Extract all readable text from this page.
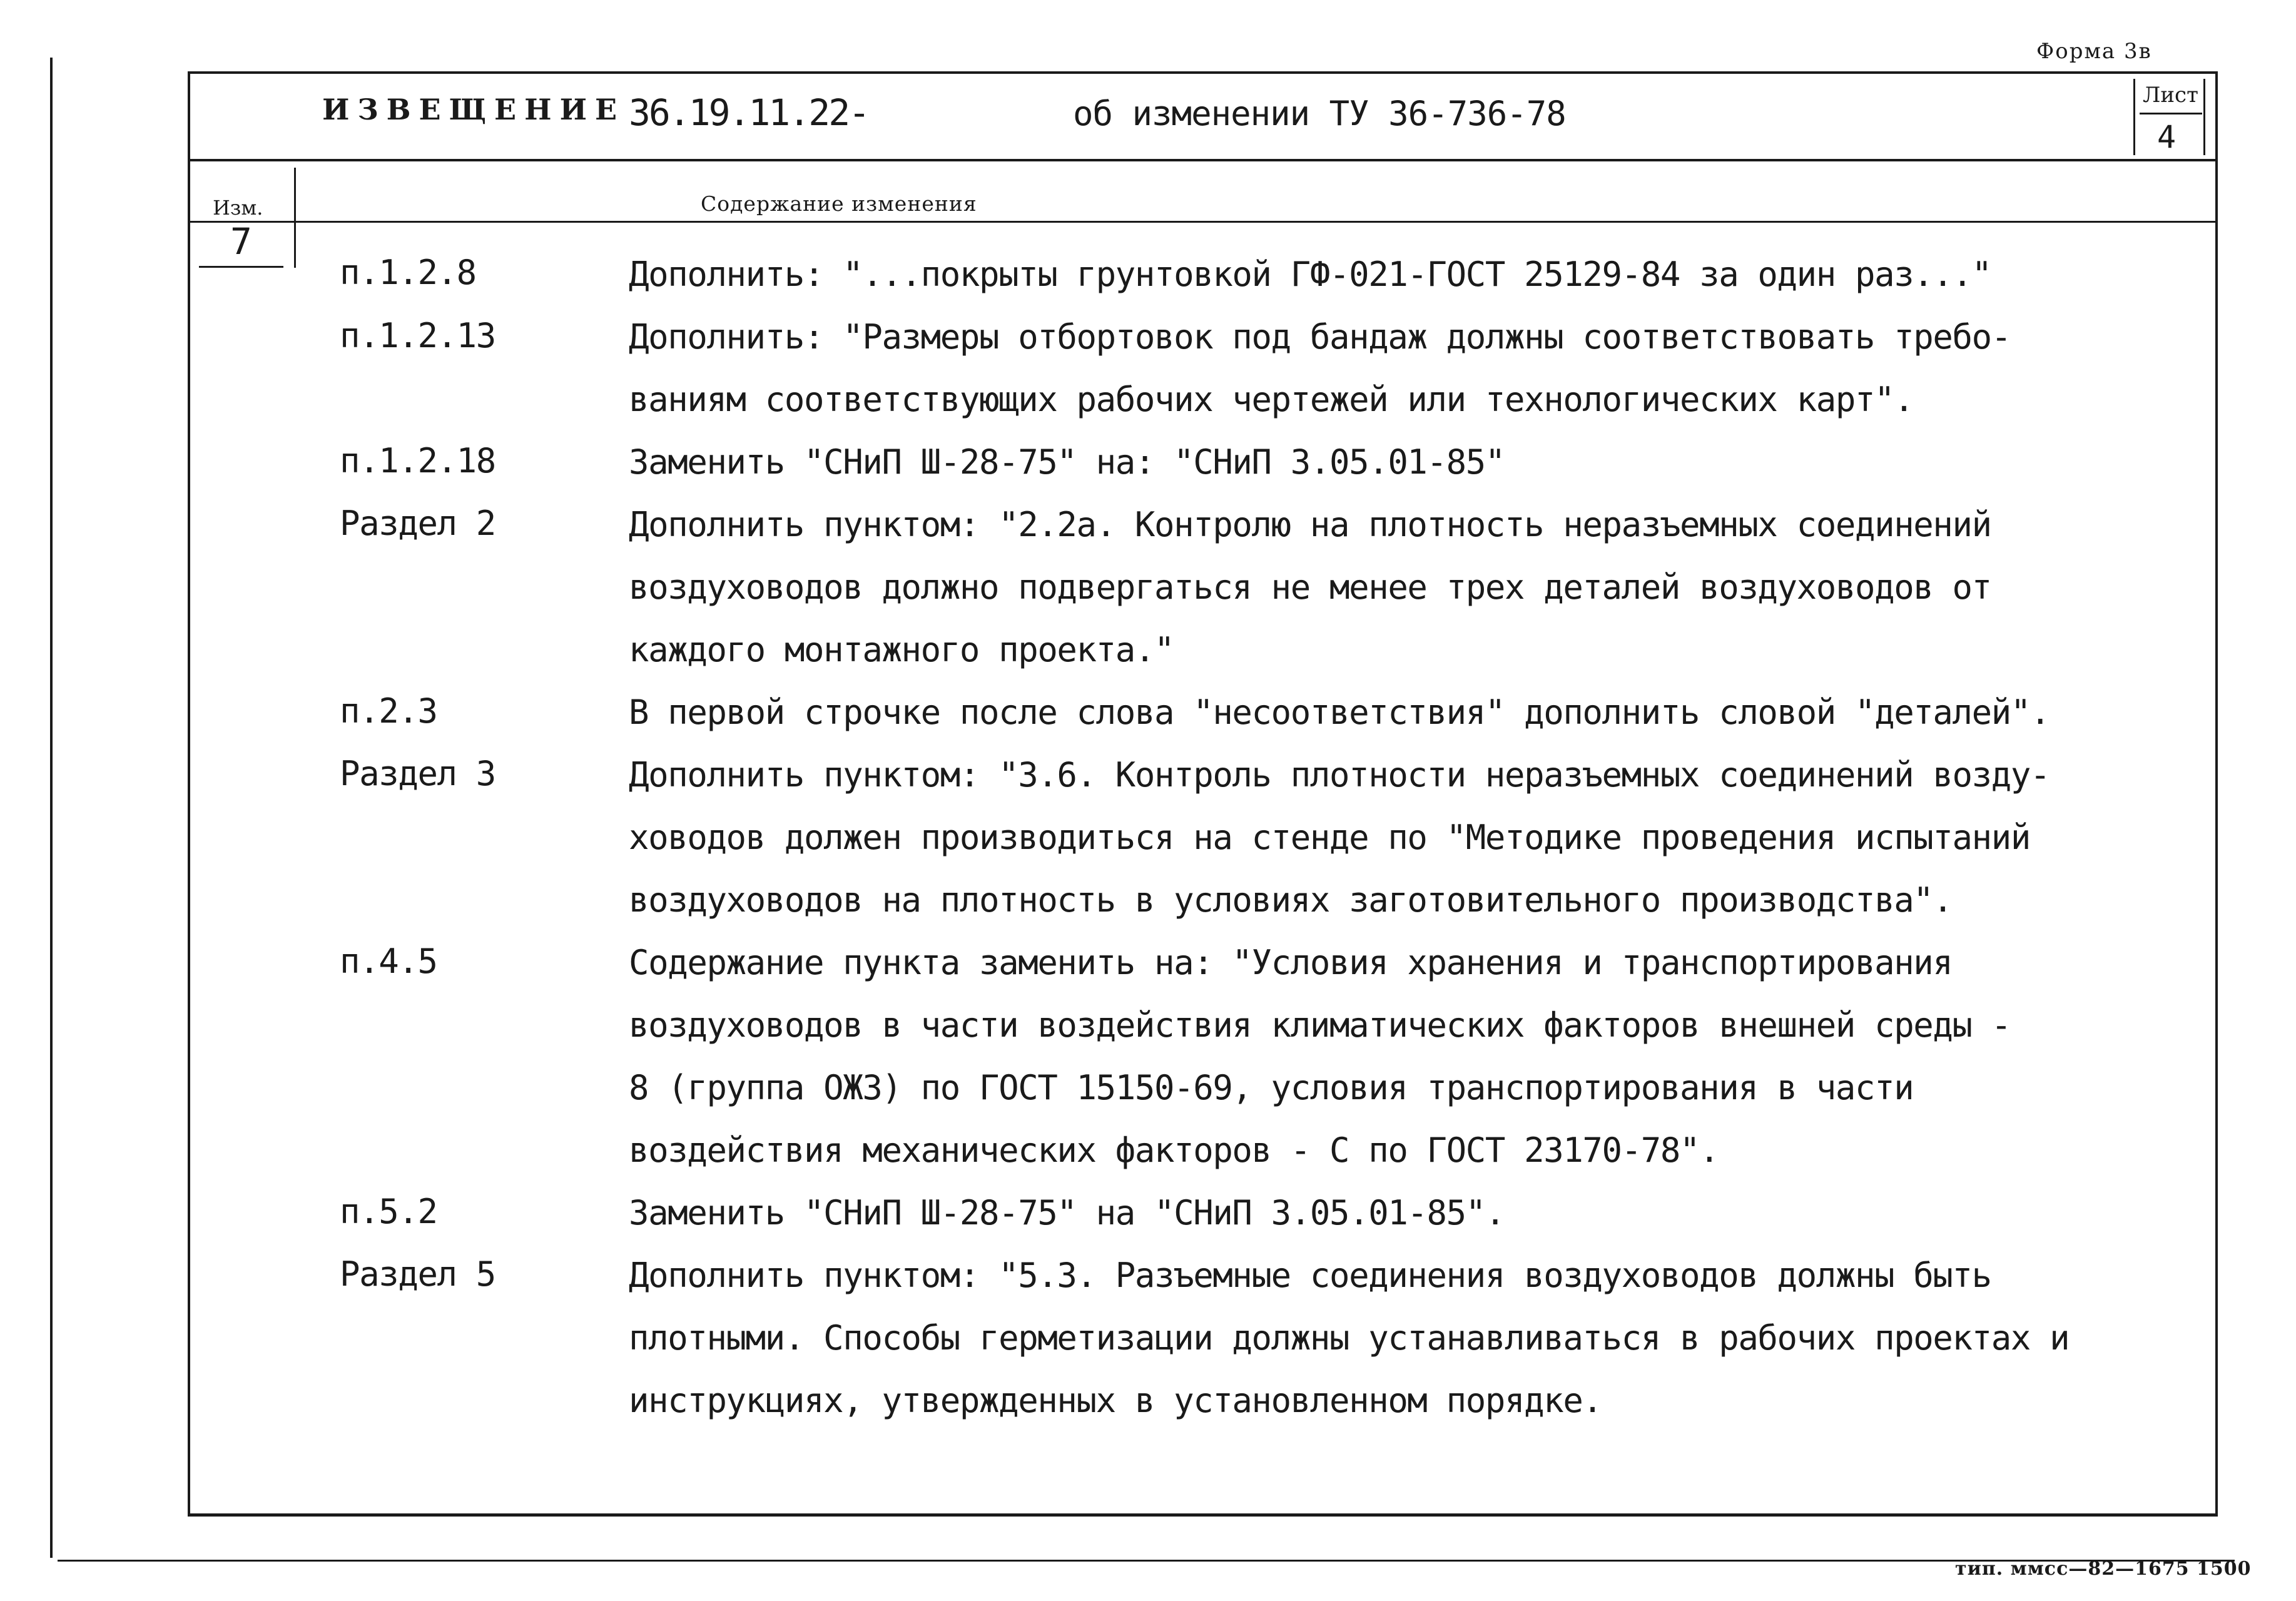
Форма 3в
ИЗВЕЩЕНИЕ 36.19.11.22-	об изменении ТУ 36-736-78	Лист
4
Изм.	Содержание изменения
7
п.1.2.8	Дополнить: "...покрыты грунтовкой ГФ-021-ГОСТ 25129-84 за один раз..."
п.1.2.13	Дополнить: "Размеры отбортовок под бандаж должны соответствовать требо-
ваниям соответствующих рабочих чертежей или технологических карт".
п.1.2.18	Заменить "СНиП Ш-28-75" на: "СНиП 3.05.01-85"
Раздел 2	Дополнить пунктом: "2.2а. Контролю на плотность неразъемных соединений
воздуховодов должно подвергаться не менее трех деталей воздуховодов от
каждого монтажного проекта."
п.2.3	В первой строчке после слова "несоответствия" дополнить словой "деталей".
Раздел 3	Дополнить пунктом: "3.6. Контроль плотности неразъемных соединений возду-
ховодов должен производиться на стенде по "Методике проведения испытаний
воздуховодов на плотность в условиях заготовительного производства".
п.4.5	Содержание пункта заменить на: "Условия хранения и транспортирования
воздуховодов в части воздействия климатических факторов внешней среды -
8 (группа ОЖЗ) по ГОСТ 15150-69, условия транспортирования в части
воздействия механических факторов - С по ГОСТ 23170-78".
п.5.2	Заменить "СНиП Ш-28-75" на "СНиП 3.05.01-85".
Раздел 5	Дополнить пунктом: "5.3. Разъемные соединения воздуховодов должны быть
плотными. Способы герметизации должны устанавливаться в рабочих проектах и
инструкциях, утвержденных в установленном порядке.
тип. ммсс—82—1675 1500
